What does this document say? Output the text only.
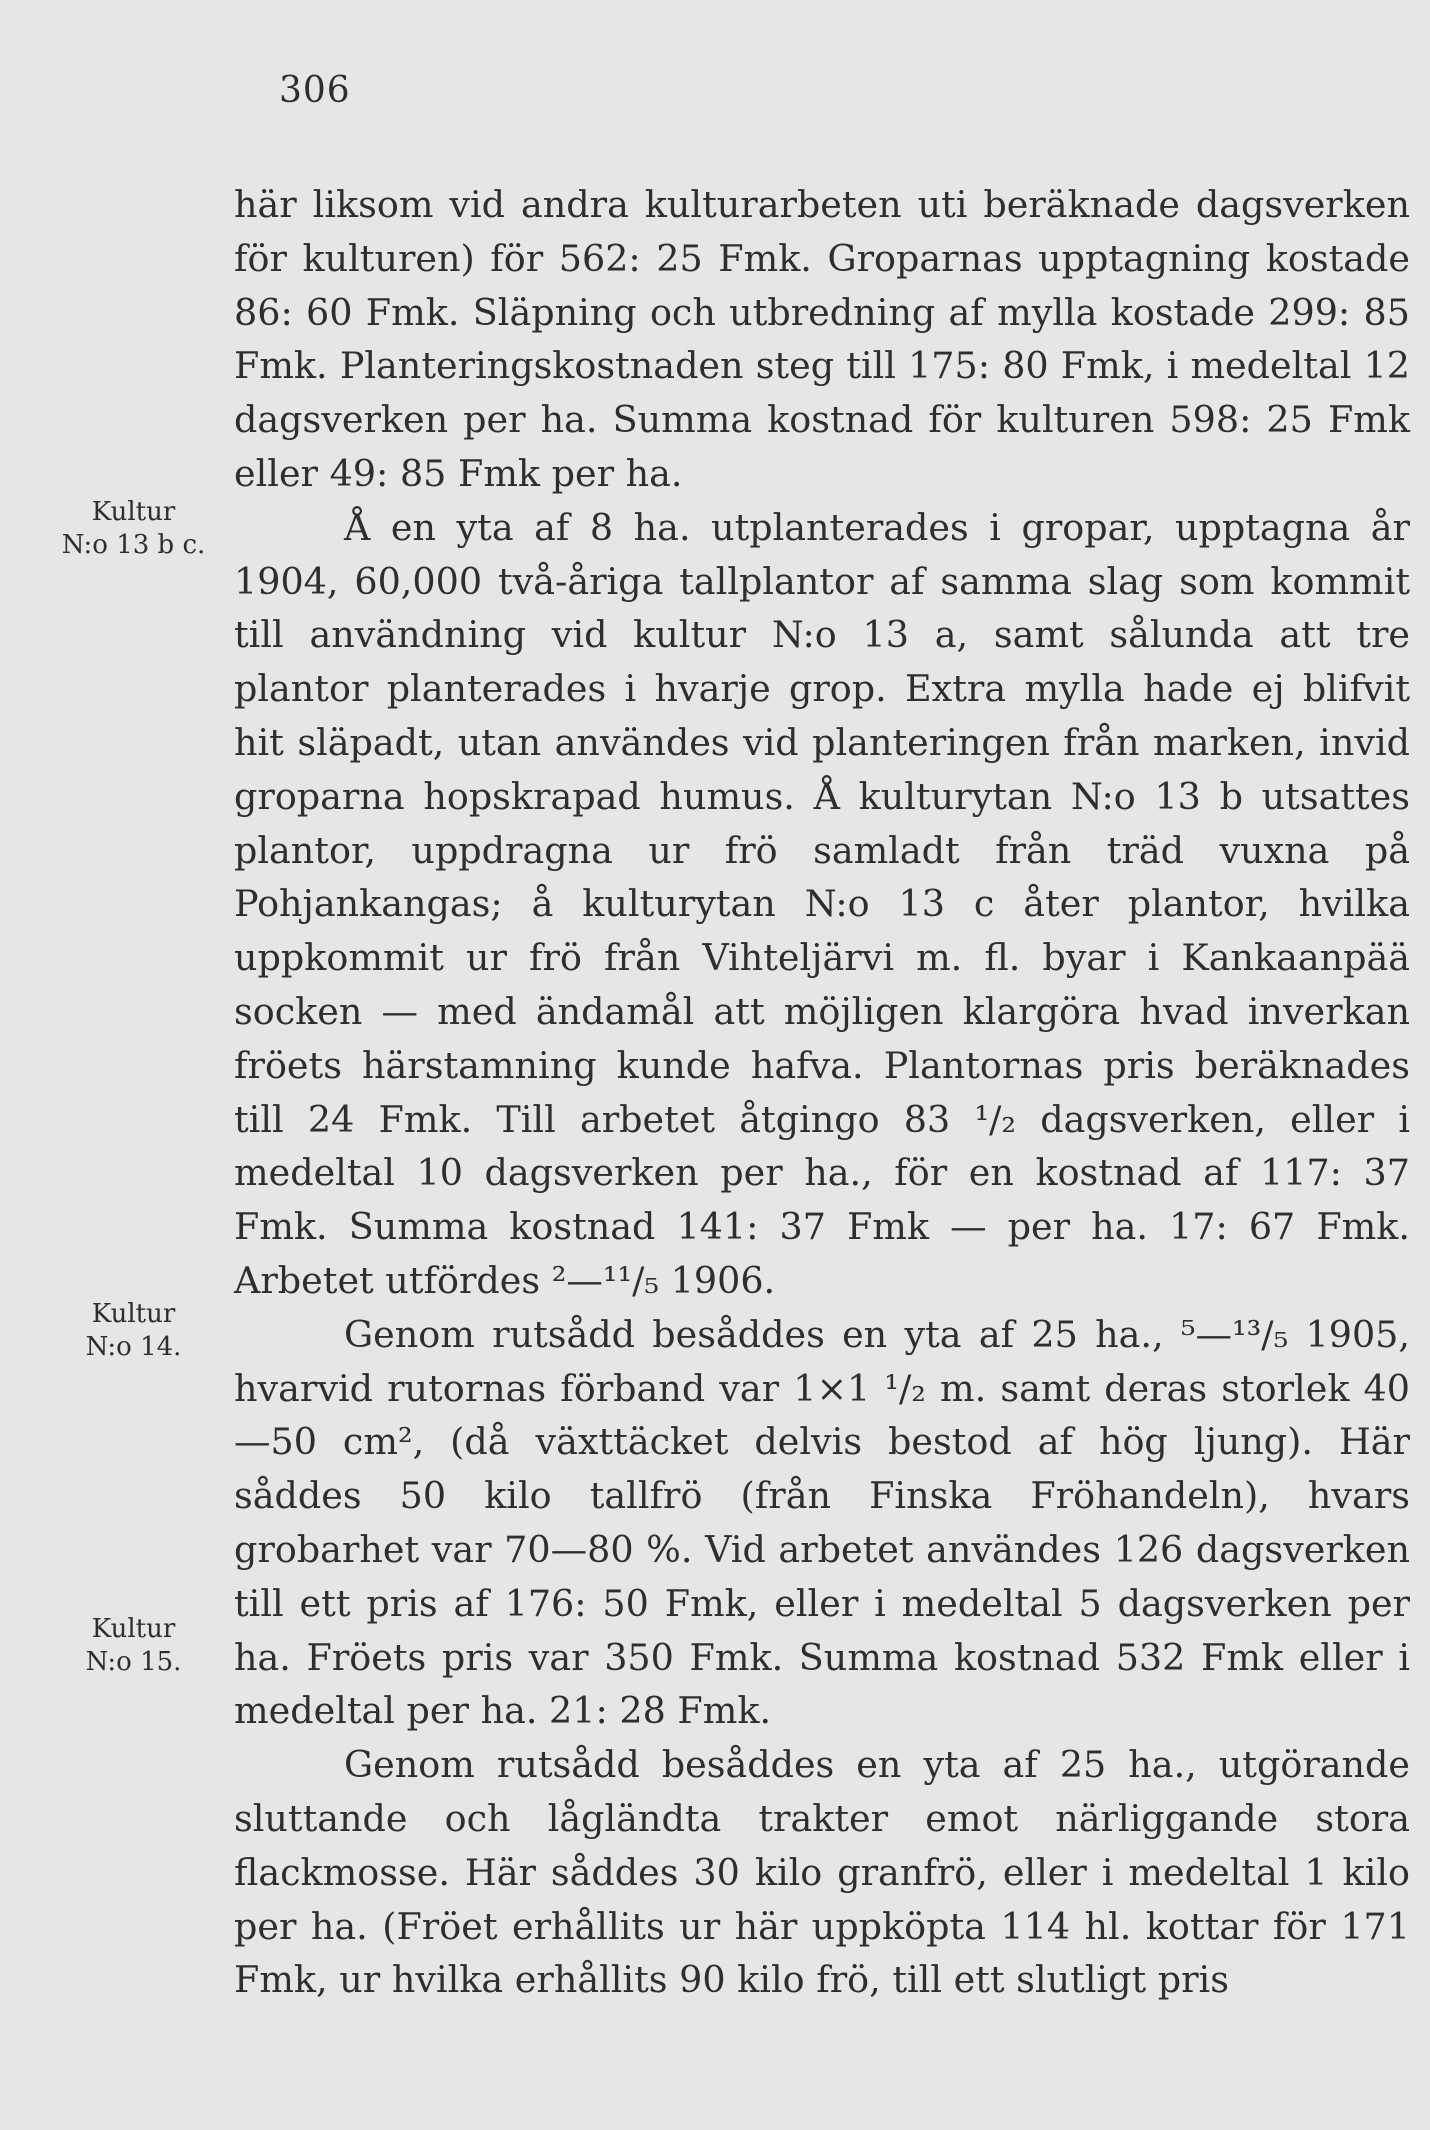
306
Kultur
N:o 13 b c.
Kultur
N:o 14.
Kultur
N:o 15.

här liksom vid andra kulturarbeten uti beräknade dagsverken för kulturen) för 562: 25 Fmk. Groparnas upptagning kostade 86: 60 Fmk. Släpning och utbredning af mylla kostade 299: 85 Fmk. Planteringskostnaden steg till 175: 80 Fmk, i medeltal 12 dagsverken per ha. Summa kostnad för kulturen 598: 25 Fmk eller 49: 85 Fmk per ha.

Å en yta af 8 ha. utplanterades i gropar, upptagna år 1904, 60,000 två-åriga tallplantor af samma slag som kommit till användning vid kultur N:o 13 a, samt sålunda att tre plantor planterades i hvarje grop. Extra mylla hade ej blifvit hit släpadt, utan användes vid planteringen från marken, invid groparna hopskrapad humus. Å kulturytan N:o 13 b utsattes plantor, uppdragna ur frö samladt från träd vuxna på Pohjankangas; å kulturytan N:o 13 c åter plantor, hvilka uppkommit ur frö från Vihteljärvi m. fl. byar i Kankaanpää socken — med ändamål att möjligen klargöra hvad inverkan fröets härstamning kunde hafva. Plantornas pris beräknades till 24 Fmk. Till arbetet åtgingo 83 ¹/₂ dagsverken, eller i medeltal 10 dagsverken per ha., för en kostnad af 117: 37 Fmk. Summa kostnad 141: 37 Fmk — per ha. 17: 67 Fmk. Arbetet utfördes ²—¹¹/₅ 1906.

Genom rutsådd besåddes en yta af 25 ha., ⁵—¹³/₅ 1905, hvarvid rutornas förband var 1×1 ¹/₂ m. samt deras storlek 40—50 cm², (då växttäcket delvis bestod af hög ljung). Här såddes 50 kilo tallfrö (från Finska Fröhandeln), hvars grobarhet var 70—80 %. Vid arbetet användes 126 dagsverken till ett pris af 176: 50 Fmk, eller i medeltal 5 dagsverken per ha. Fröets pris var 350 Fmk. Summa kostnad 532 Fmk eller i medeltal per ha. 21: 28 Fmk.

Genom rutsådd besåddes en yta af 25 ha., utgörande sluttande och lågländta trakter emot närliggande stora flackmosse. Här såddes 30 kilo granfrö, eller i medeltal 1 kilo per ha. (Fröet erhållits ur här uppköpta 114 hl. kottar för 171 Fmk, ur hvilka erhållits 90 kilo frö, till ett slutligt pris
